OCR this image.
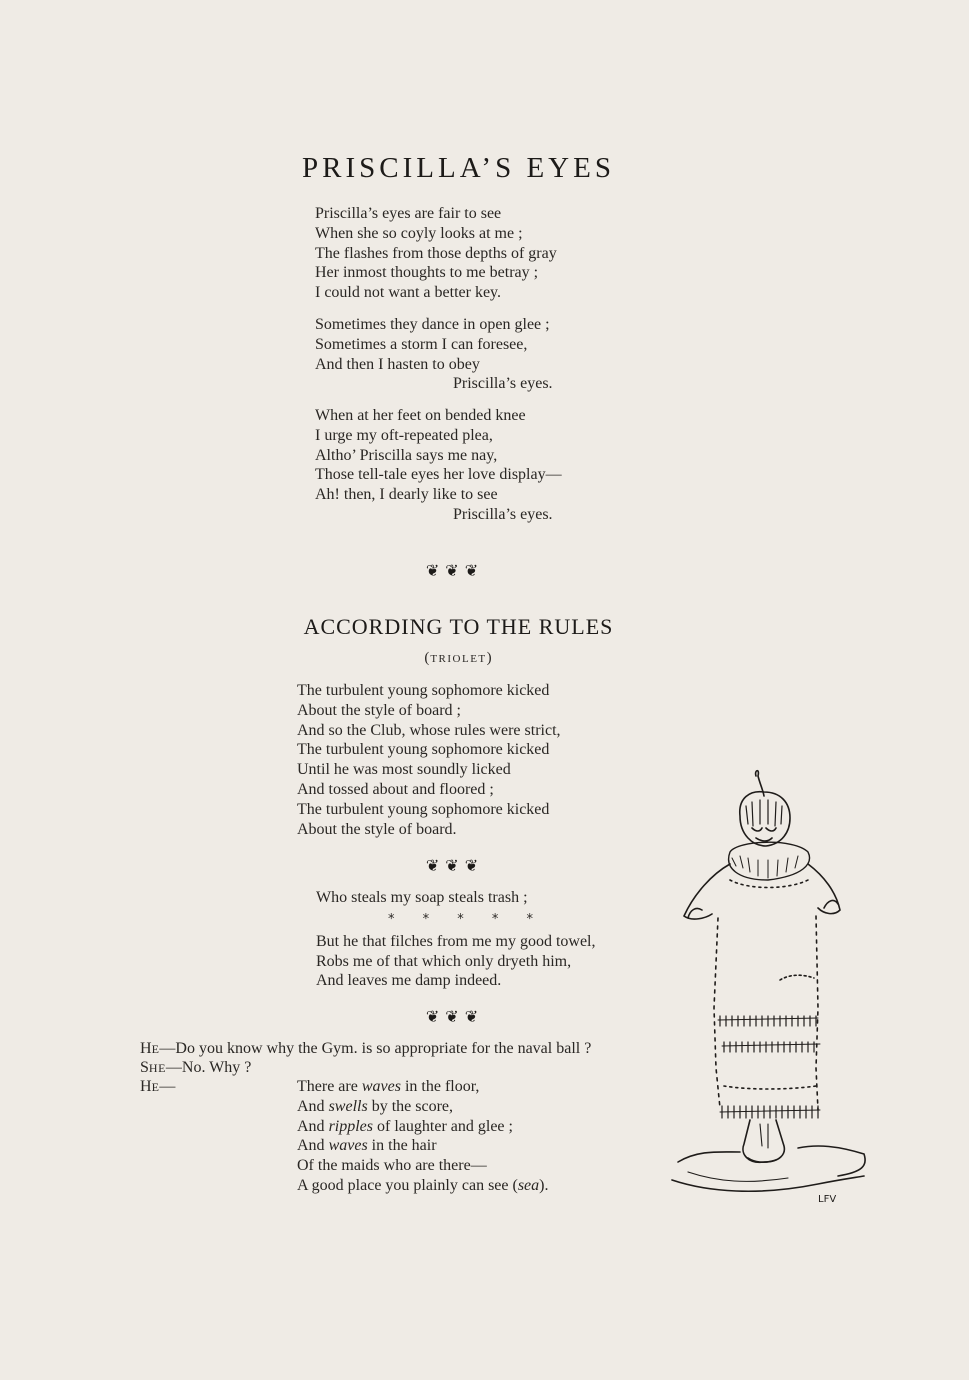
PRISCILLA’S EYES
Priscilla’s eyes are fair to see
When she so coyly looks at me ;
The flashes from those depths of gray
Her inmost thoughts to me betray ;
I could not want a better key.
Sometimes they dance in open glee ;
Sometimes a storm I can foresee,
And then I hasten to obey
Priscilla’s eyes.
When at her feet on bended knee
I urge my oft-repeated plea,
Altho’ Priscilla says me nay,
Those tell-tale eyes her love display—
Ah! then, I dearly like to see
Priscilla’s eyes.
❦❦❦
ACCORDING TO THE RULES
(TRIOLET)
The turbulent young sophomore kicked
About the style of board ;
And so the Club, whose rules were strict,
The turbulent young sophomore kicked
Until he was most soundly licked
And tossed about and floored ;
The turbulent young sophomore kicked
About the style of board.
❦❦❦
Who steals my soap steals trash ;
* * * * *
But he that filches from me my good towel,
Robs me of that which only dryeth him,
And leaves me damp indeed.
❦❦❦
HE—Do you know why the Gym. is so appropriate for the naval ball ?
SHE—No. Why ?
HE—	There are waves in the floor,
And swells by the score,
And ripples of laughter and glee ;
And waves in the hair
Of the maids who are there—
A good place you plainly can see (sea).
LFV
